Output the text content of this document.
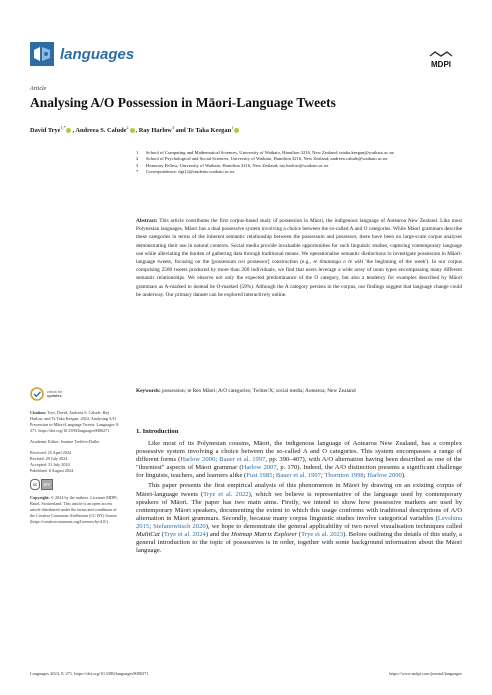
languages
MDPI
Article
Analysing A/O Possession in Māori-Language Tweets
David Trye$^{1,*}$ , Andreea S. Calude$^2$ , Ray Harlow$^3$ and Te Taka Keegan$^1$
1	School of Computing and Mathematical Sciences, University of Waikato, Hamilton 3216, New Zealand; tetaka.keegan@waikato.ac.nz
2	School of Psychological and Social Sciences, University of Waikato, Hamilton 3216, New Zealand; andreea.calude@waikato.ac.nz
3	Honorary Fellow, University of Waikato, Hamilton 3216, New Zealand; ray.harlow@waikato.ac.nz
*	Correspondence: dgt12@students.waikato.ac.nz
Abstract: This article contributes the first corpus-based study of possession in Māori, the indigenous language of Aotearoa New Zealand. Like most Polynesian languages, Māori has a dual possessive system involving a choice between the so-called A and O categories. While Māori grammars describe these categories in terms of the inherent semantic relationship between the possessum and possessor, there have been no large-scale corpus analyses demonstrating their use in natural contexts. Social media provide invaluable opportunities for such linguistic studies, capturing contemporary language use while alleviating the burden of gathering data through traditional means. We operationalise semantic distinctions to investigate possession in Māori-language tweets, focusing on the [possessum a/o possessor] construction (e.g., te tīmatanga o te wiki 'the beginning of the week'). In our corpus comprising 2500 tweets produced by more than 200 individuals, we find that users leverage a wide array of noun types encompassing many different semantic relationships. We observe not only the expected predominance of the O category, but also a tendency for examples described by Māori grammars as A-marked to instead be O-marked (59%). Although the A category persists in the corpus, our findings suggest that language change could be underway. Our primary dataset can be explored interactively online.
Keywords: possession; te Reo Māori; A/O categories; Twitter/X; social media; Aotearoa; New Zealand
check for
updates
Citation: Trye, David, Andreea S. Calude, Ray Harlow, and Te Taka Keegan. 2024. Analysing A/O Possession in Māori-Language Tweets. Languages 9: 271. https://doi.org/10.3390/languages9080271
Academic Editor: Jeanine Treffers-Daller
Received: 25 April 2024
Revised: 29 July 2024
Accepted: 31 July 2024
Published: 6 August 2024
cc	BY
Copyright: © 2024 by the authors. Licensee MDPI, Basel, Switzerland. This article is an open access article distributed under the terms and conditions of the Creative Commons Attribution (CC BY) license (https://creativecommons.org/licenses/by/4.0/).
1. Introduction

Like most of its Polynesian cousins, Māori, the indigenous language of Aotearoa New Zealand, has a complex possessive system involving a choice between the so-called A and O categories. This system encompasses a range of different forms (Harlow 2000; Bauer et al. 1997, pp. 390–407), with A/O alternation having been described as one of the "thorniest" aspects of Māori grammar (Harlow 2007, p. 170). Indeed, the A/O distinction presents a significant challenge for linguists, teachers, and learners alike (Fusi 1985; Bauer et al. 1997; Thornton 1998; Harlow 2000).

This paper presents the first empirical analysis of this phenomenon in Māori by drawing on an existing corpus of Māori-language tweets (Trye et al. 2022), which we believe is representative of the language used by contemporary speakers of Māori. The paper has two main aims. Firstly, we intend to show how possessive markers are used by contemporary Māori speakers, documenting the extent to which this usage conforms with traditional descriptions of A/O alternation in Māori grammars. Secondly, because many corpus linguistic studies involve categorical variables (Levshina 2015; Stefanowitsch 2020), we hope to demonstrate the general applicability of two novel visualisation techniques called MultiCat (Trye et al. 2024) and the Hotmap Matrix Explorer (Trye et al. 2023). Before outlining the details of this study, a general introduction to the topic of possessives is in order, together with some background information about the Māori language.

Languages 2024, 9, 271. https://doi.org/10.3390/languages9080271	https://www.mdpi.com/journal/languages
